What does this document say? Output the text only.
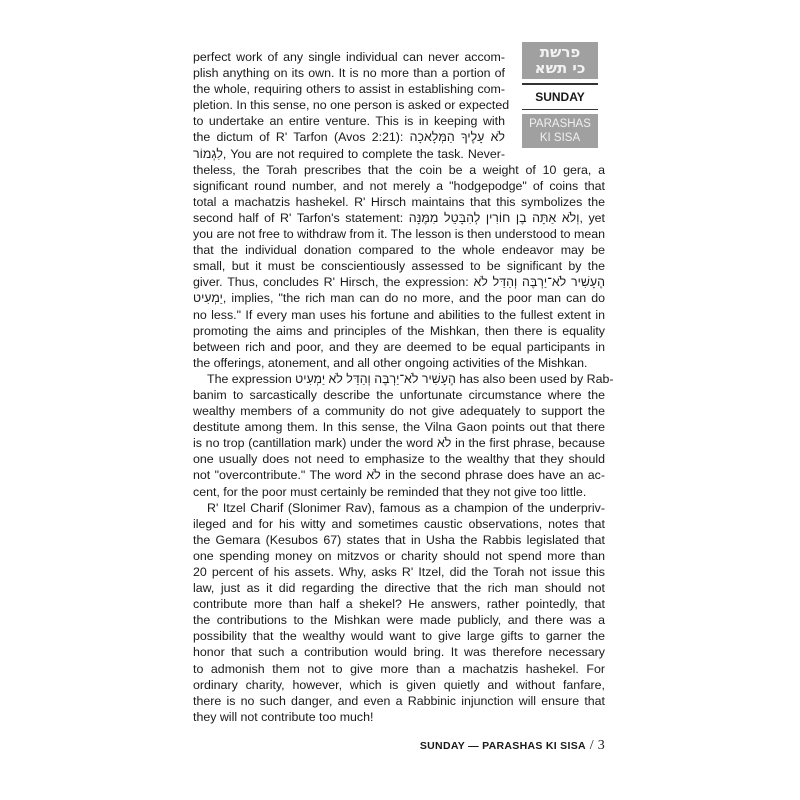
פרשת
כי תשא
SUNDAY
PARASHAS
KI SISA
perfect work of any single individual can never accom-
plish anything on its own. It is no more than a portion of
the whole, requiring others to assist in establishing com-
pletion. In this sense, no one person is asked or expected
to undertake an entire venture. This is in keeping with
the dictum of R' Tarfon (Avos 2:21): לֹא עָלֶיךָ הַמְּלָאכָה
לִגְמוֹר, You are not required to complete the task. Never-
theless, the Torah prescribes that the coin be a weight of 10 gera, a
significant round number, and not merely a "hodgepodge" of coins that
total a machatzis hashekel. R' Hirsch maintains that this symbolizes the
second half of R' Tarfon's statement: וְלֹא אַתָּה בֶן חוֹרִין לְהִבָּטֵל מִמֶּנָּה, yet
you are not free to withdraw from it. The lesson is then understood to mean
that the individual donation compared to the whole endeavor may be
small, but it must be conscientiously assessed to be significant by the
giver. Thus, concludes R' Hirsch, the expression: הֶעָשִׁיר לֹא־יַרְבֶּה וְהַדַּל לֹא
יַמְעִיט, implies, "the rich man can do no more, and the poor man can do
no less." If every man uses his fortune and abilities to the fullest extent in
promoting the aims and principles of the Mishkan, then there is equality
between rich and poor, and they are deemed to be equal participants in
the offerings, atonement, and all other ongoing activities of the Mishkan.
The expression הֶעָשִׁיר לֹא־יַרְבֶּה וְהַדַּל לֹא יַמְעִיט has also been used by Rab-
banim to sarcastically describe the unfortunate circumstance where the
wealthy members of a community do not give adequately to support the
destitute among them. In this sense, the Vilna Gaon points out that there
is no trop (cantillation mark) under the word לֹא in the first phrase, because
one usually does not need to emphasize to the wealthy that they should
not "overcontribute." The word לֹא in the second phrase does have an ac-
cent, for the poor must certainly be reminded that they not give too little.
R' Itzel Charif (Slonimer Rav), famous as a champion of the underpriv-
ileged and for his witty and sometimes caustic observations, notes that
the Gemara (Kesubos 67) states that in Usha the Rabbis legislated that
one spending money on mitzvos or charity should not spend more than
20 percent of his assets. Why, asks R' Itzel, did the Torah not issue this
law, just as it did regarding the directive that the rich man should not
contribute more than half a shekel? He answers, rather pointedly, that
the contributions to the Mishkan were made publicly, and there was a
possibility that the wealthy would want to give large gifts to garner the
honor that such a contribution would bring. It was therefore necessary
to admonish them not to give more than a machatzis hashekel. For
ordinary charity, however, which is given quietly and without fanfare,
there is no such danger, and even a Rabbinic injunction will ensure that
they will not contribute too much!
SUNDAY — PARASHAS KI SISA / 3
